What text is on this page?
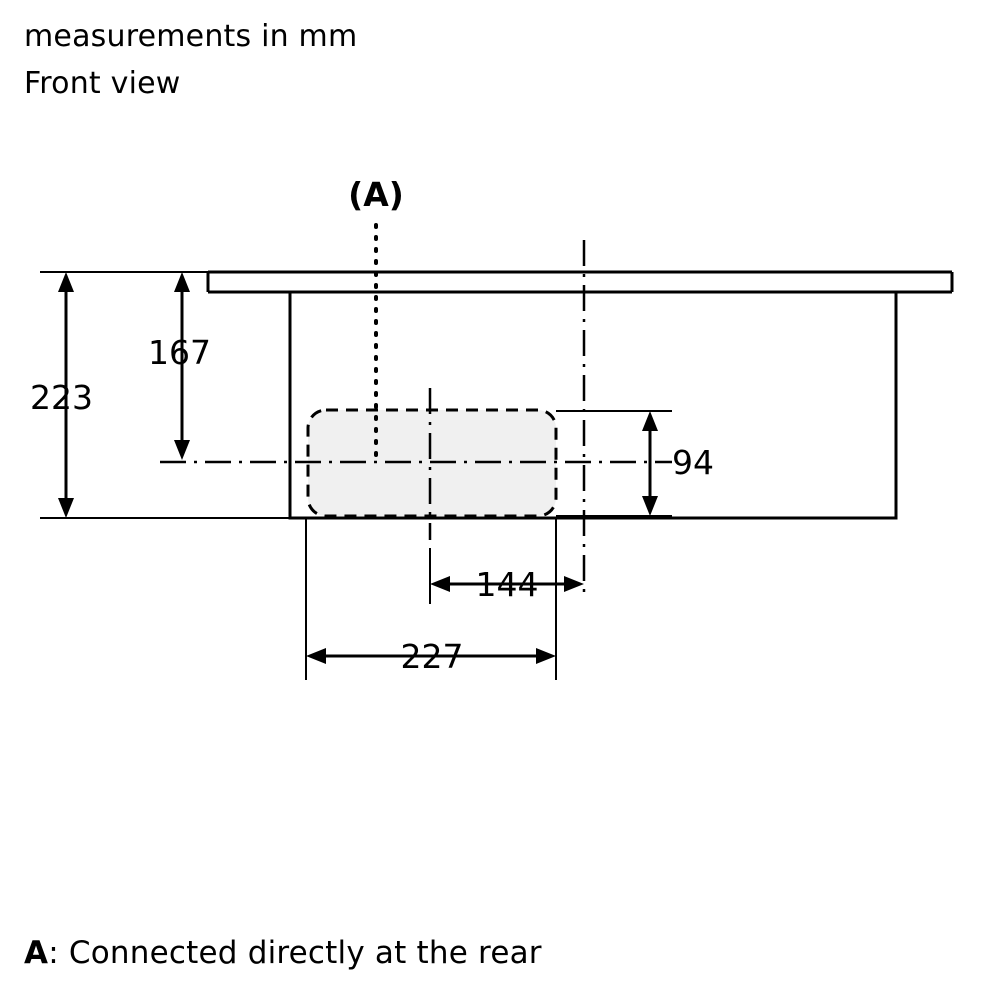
measurements in mm
Front view
(A)
223
167
94
144
227
A: Connected directly at the rear
